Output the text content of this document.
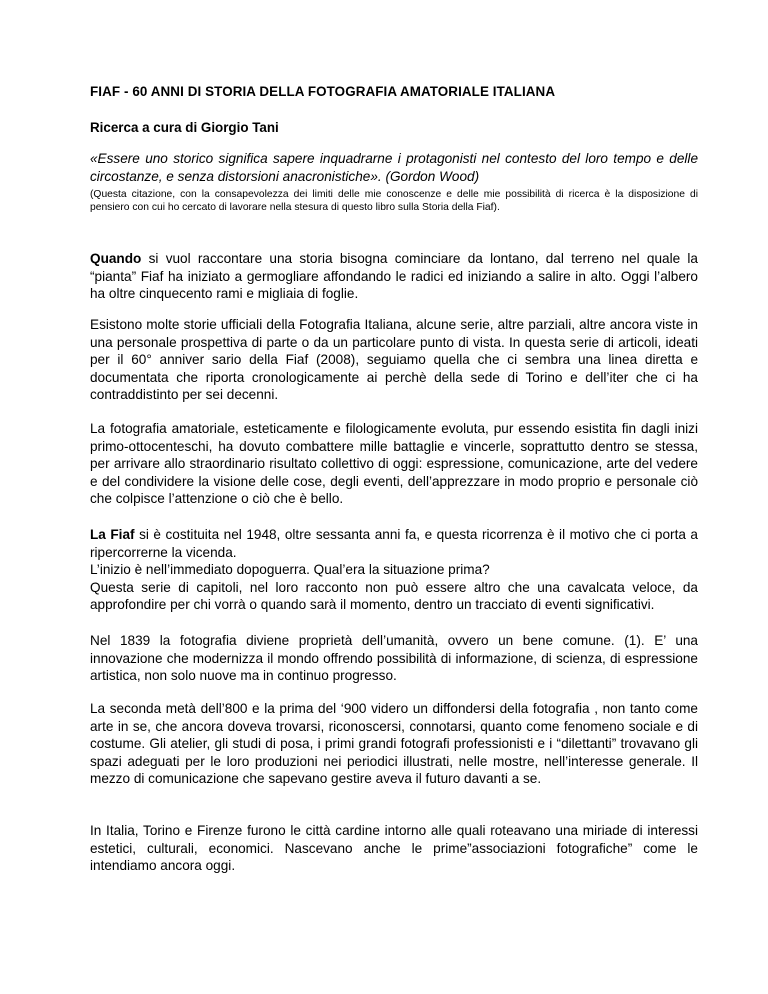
FIAF - 60 ANNI DI STORIA DELLA FOTOGRAFIA AMATORIALE ITALIANA
Ricerca a cura di Giorgio Tani
«Essere uno storico significa sapere inquadrarne i protagonisti nel contesto del loro tempo e delle circostanze, e senza distorsioni anacronistiche». (Gordon Wood)
(Questa citazione, con la consapevolezza dei limiti delle mie conoscenze e delle mie possibilità di ricerca è la disposizione di pensiero con cui ho cercato di lavorare nella stesura di questo libro sulla Storia della Fiaf).

Quando si vuol raccontare una storia bisogna cominciare da lontano, dal terreno nel quale la “pianta” Fiaf ha iniziato a germogliare affondando le radici ed iniziando a salire in alto. Oggi l’albero ha oltre cinquecento rami e migliaia di foglie.

Esistono molte storie ufficiali della Fotografia Italiana, alcune serie, altre parziali, altre ancora viste in una personale prospettiva di parte o da un particolare punto di vista. In questa serie di articoli, ideati per il 60° anniver sario della Fiaf (2008), seguiamo quella che ci sembra una linea diretta e documentata che riporta cronologicamente ai perchè della sede di Torino e dell’iter che ci ha contraddistinto per sei decenni.

La fotografia amatoriale, esteticamente e filologicamente evoluta, pur essendo esistita fin dagli inizi primo-ottocenteschi, ha dovuto combattere mille battaglie e vincerle, soprattutto dentro se stessa, per arrivare allo straordinario risultato collettivo di oggi: espressione, comunicazione, arte del vedere e del condividere la visione delle cose, degli eventi, dell’apprezzare in modo proprio e personale ciò che colpisce l’attenzione o ciò che è bello.

La Fiaf si è costituita nel 1948, oltre sessanta anni fa, e questa ricorrenza è il motivo che ci porta a ripercorrerne la vicenda.
L’inizio è nell’immediato dopoguerra. Qual’era la situazione prima?
Questa serie di capitoli, nel loro racconto non può essere altro che una cavalcata veloce, da approfondire per chi vorrà o quando sarà il momento, dentro un tracciato di eventi significativi.

Nel 1839 la fotografia diviene proprietà dell’umanità, ovvero un bene comune. (1). E’ una innovazione che modernizza il mondo offrendo possibilità di informazione, di scienza, di espressione artistica, non solo nuove ma in continuo progresso.

La seconda metà dell’800 e la prima del ‘900 videro un diffondersi della fotografia , non tanto come arte in se, che ancora doveva trovarsi, riconoscersi, connotarsi, quanto come fenomeno sociale e di costume. Gli atelier, gli studi di posa, i primi grandi fotografi professionisti e i “dilettanti” trovavano gli spazi adeguati per le loro produzioni nei periodici illustrati, nelle mostre, nell’interesse generale. Il mezzo di comunicazione che sapevano gestire aveva il futuro davanti a se.

In Italia, Torino e Firenze furono le città cardine intorno alle quali roteavano una miriade di interessi estetici, culturali, economici. Nascevano anche le prime”associazioni fotografiche” come le intendiamo ancora oggi.
